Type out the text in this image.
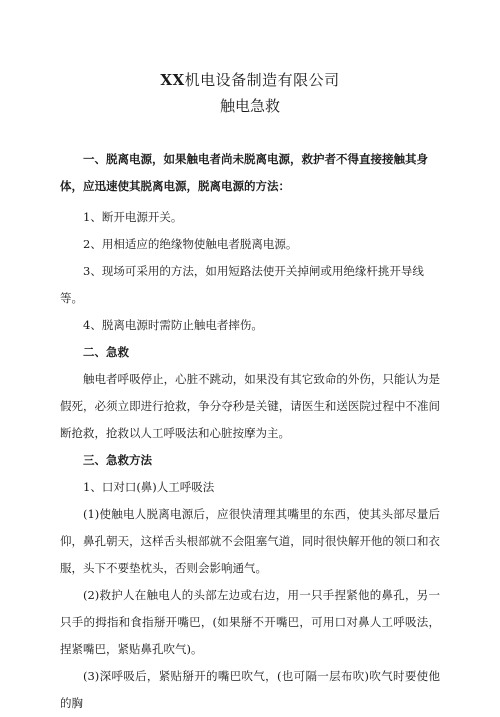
XX机电设备制造有限公司
触电急救

一、脱离电源，如果触电者尚未脱离电源，救护者不得直接接触其身体，应迅速使其脱离电源，脱离电源的方法：

1、断开电源开关。

2、用相适应的绝缘物使触电者脱离电源。

3、现场可采用的方法，如用短路法使开关掉闸或用绝缘杆挑开导线等。

4、脱离电源时需防止触电者摔伤。

二、急救

触电者呼吸停止，心脏不跳动，如果没有其它致命的外伤，只能认为是假死，必须立即进行抢救，争分夺秒是关键，请医生和送医院过程中不准间断抢救，抢救以人工呼吸法和心脏按摩为主。

三、急救方法

1、口对口(鼻)人工呼吸法

(1)使触电人脱离电源后，应很快清理其嘴里的东西，使其头部尽量后仰，鼻孔朝天，这样舌头根部就不会阻塞气道，同时很快解开他的领口和衣服，头下不要垫枕头，否则会影响通气。

(2)救护人在触电人的头部左边或右边，用一只手捏紧他的鼻孔，另一只手的拇指和食指掰开嘴巴，(如果掰不开嘴巴，可用口对鼻人工呼吸法，捏紧嘴巴，紧贴鼻孔吹气)。

(3)深呼吸后，紧贴掰开的嘴巴吹气，(也可隔一层布吹)吹气时要使他的胸
